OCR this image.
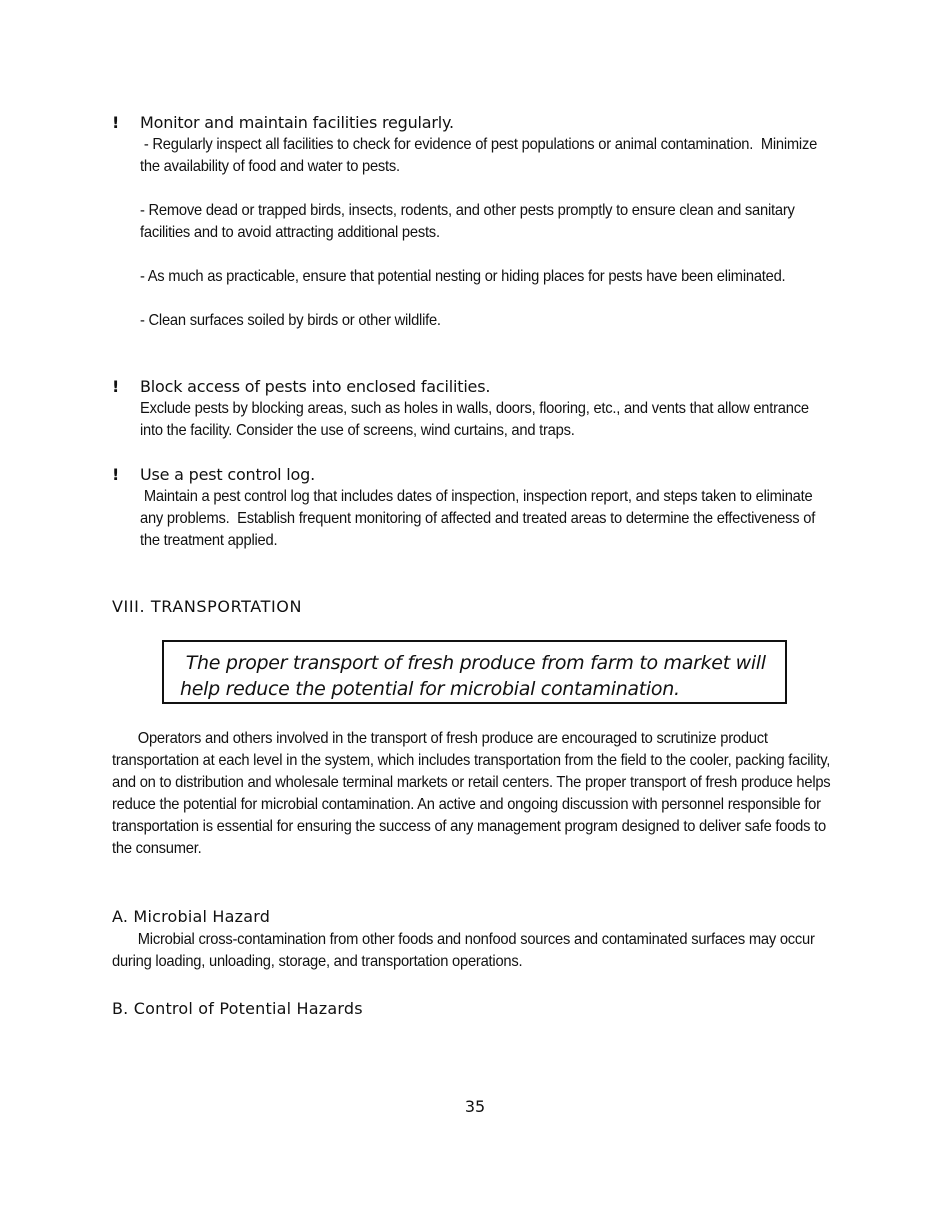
! Monitor and maintain facilities regularly.
- Regularly inspect all facilities to check for evidence of pest populations or animal contamination.  Minimize the availability of food and water to pests.
- Remove dead or trapped birds, insects, rodents, and other pests promptly to ensure clean and sanitary facilities and to avoid attracting additional pests.
- As much as practicable, ensure that potential nesting or hiding places for pests have been eliminated.
- Clean surfaces soiled by birds or other wildlife.
! Block access of pests into enclosed facilities.
Exclude pests by blocking areas, such as holes in walls, doors, flooring, etc., and vents that allow entrance into the facility. Consider the use of screens, wind curtains, and traps.
! Use a pest control log.
Maintain a pest control log that includes dates of inspection, inspection report, and steps taken to eliminate any problems.  Establish frequent monitoring of affected and treated areas to determine the effectiveness of the treatment applied.
VIII. TRANSPORTATION

The proper transport of fresh produce from farm to market will help reduce the potential for microbial contamination.

Operators and others involved in the transport of fresh produce are encouraged to scrutinize product transportation at each level in the system, which includes transportation from the field to the cooler, packing facility, and on to distribution and wholesale terminal markets or retail centers. The proper transport of fresh produce helps reduce the potential for microbial contamination. An active and ongoing discussion with personnel responsible for transportation is essential for ensuring the success of any management program designed to deliver safe foods to the consumer.
A. Microbial Hazard
Microbial cross-contamination from other foods and nonfood sources and contaminated surfaces may occur during loading, unloading, storage, and transportation operations.
B. Control of Potential Hazards
35
